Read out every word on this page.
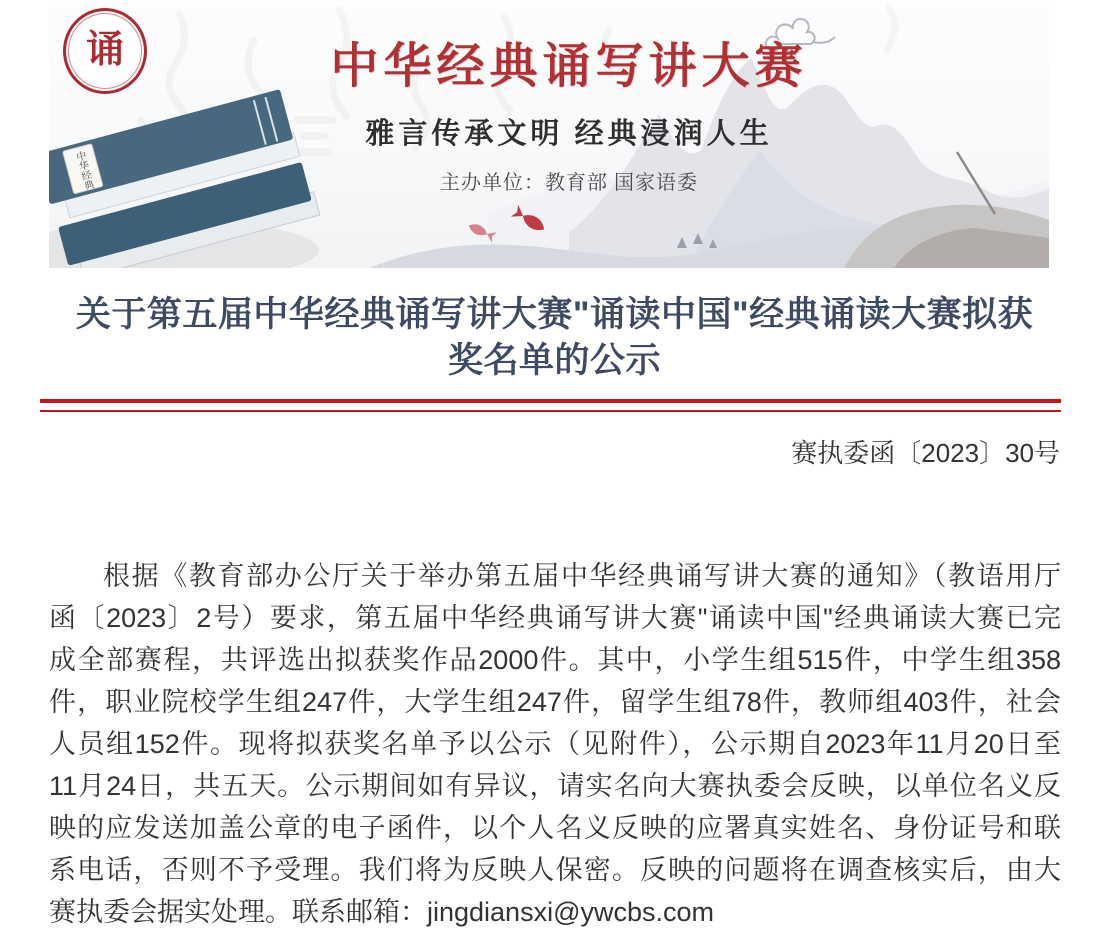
中华经典
诵	中华经典诵写讲大赛
雅言传承文明 经典浸润人生
主办单位：教育部 国家语委
关于第五届中华经典诵写讲大赛"诵读中国"经典诵读大赛拟获
奖名单的公示
赛执委函〔2023〕30号
根据《教育部办公厅关于举办第五届中华经典诵写讲大赛的通知》（教语用厅
函〔2023〕2号）要求，第五届中华经典诵写讲大赛"诵读中国"经典诵读大赛已完
成全部赛程，共评选出拟获奖作品2000件。其中，小学生组515件，中学生组358
件，职业院校学生组247件，大学生组247件，留学生组78件，教师组403件，社会
人员组152件。现将拟获奖名单予以公示（见附件），公示期自2023年11月20日至
11月24日，共五天。公示期间如有异议，请实名向大赛执委会反映，以单位名义反
映的应发送加盖公章的电子函件，以个人名义反映的应署真实姓名、身份证号和联
系电话，否则不予受理。我们将为反映人保密。反映的问题将在调查核实后，由大
赛执委会据实处理。联系邮箱：jingdiansxi@ywcbs.com
